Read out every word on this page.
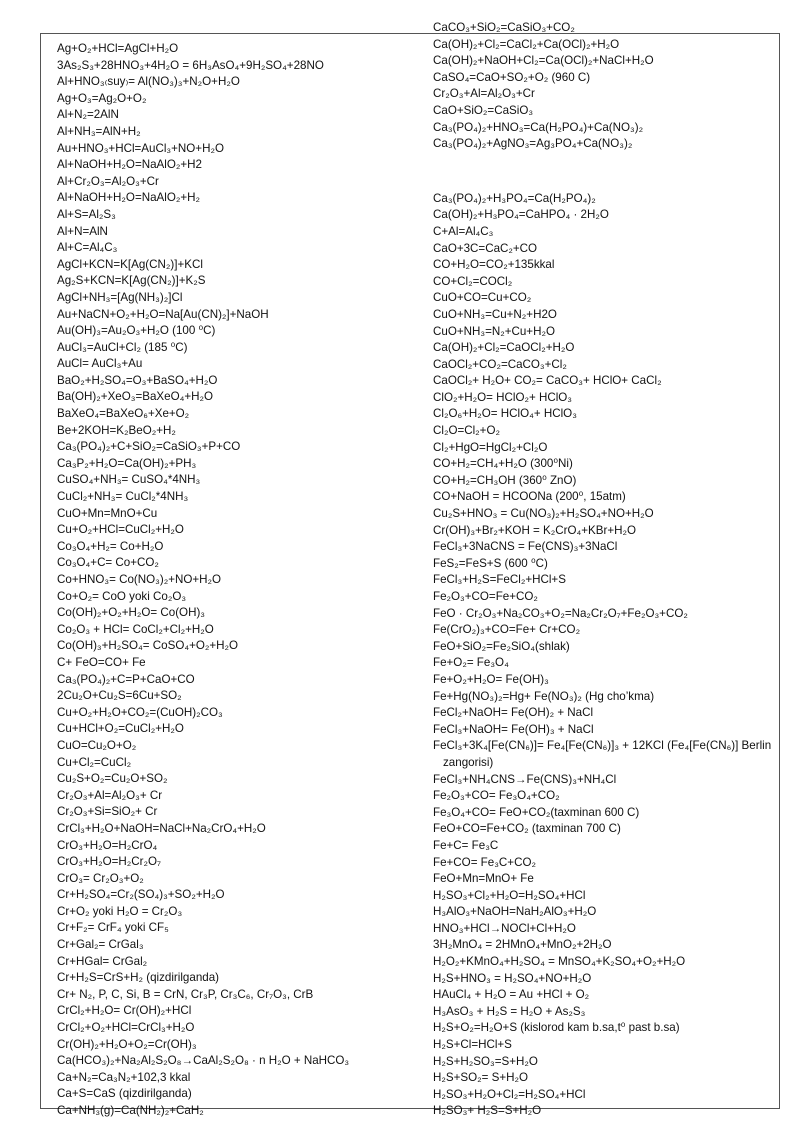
Ag+O₂+HCl=AgCl+H₂O
3As₂S₃+28HNO₃+4H₂O = 6H₃AsO₄+9H₂SO₄+28NO
Al+HNO₃₍suy₎= Al(NO₃)₃+N₂O+H₂O
Ag+O₃=Ag₂O+O₂
Al+N₂=2AlN
Al+NH₃=AlN+H₂
Au+HNO₃+HCl=AuCl₃+NO+H₂O
Al+NaOH+H₂O=NaAlO₂+H2
Al+Cr₂O₃=Al₂O₃+Cr
Al+NaOH+H₂O=NaAlO₂+H₂
Al+S=Al₂S₃
Al+N=AlN
Al+C=Al₄C₃
AgCl+KCN=K[Ag(CN₂)]+KCl
Ag₂S+KCN=K[Ag(CN₂)]+K₂S
AgCl+NH₃=[Ag(NH₃)₂]Cl
Au+NaCN+O₂+H₂O=Na[Au(CN)₂]+NaOH
Au(OH)₃=Au₂O₃+H₂O (100 ⁰C)
AuCl₃=AuCl+Cl₂ (185 ⁰C)
AuCl= AuCl₃+Au
BaO₂+H₂SO₄=O₃+BaSO₄+H₂O
Ba(OH)₂+XeO₃=BaXeO₄+H₂O
BaXeO₄=BaXeO₆+Xe+O₂
Be+2KOH=K₂BeO₂+H₂
Ca₃(PO₄)₂+C+SiO₂=CaSiO₃+P+CO
Ca₃P₂+H₂O=Ca(OH)₂+PH₃
CuSO₄+NH₃= CuSO₄*4NH₃
CuCl₂+NH₃= CuCl₂*4NH₃
CuO+Mn=MnO+Cu
Cu+O₂+HCl=CuCl₂+H₂O
Co₃O₄+H₂= Co+H₂O
Co₃O₄+C= Co+CO₂
Co+HNO₃= Co(NO₃)₂+NO+H₂O
Co+O₂= CoO yoki Co₂O₃
Co(OH)₂+O₂+H₂O= Co(OH)₃
Co₂O₃ + HCl= CoCl₂+Cl₂+H₂O
Co(OH)₃+H₂SO₄= CoSO₄+O₂+H₂O
C+ FeO=CO+ Fe
Ca₃(PO₄)₂+C=P+CaO+CO
2Cu₂O+Cu₂S=6Cu+SO₂
Cu+O₂+H₂O+CO₂=(CuOH)₂CO₃
Cu+HCl+O₂=CuCl₂+H₂O
CuO=Cu₂O+O₂
Cu+Cl₂=CuCl₂
Cu₂S+O₂=Cu₂O+SO₂
Cr₂O₃+Al=Al₂O₃+ Cr
Cr₂O₃+Si=SiO₂+ Cr
CrCl₃+H₂O+NaOH=NaCl+Na₂CrO₄+H₂O
CrO₃+H₂O=H₂CrO₄
CrO₃+H₂O=H₂Cr₂O₇
CrO₃= Cr₂O₃+O₂
Cr+H₂SO₄=Cr₂(SO₄)₃+SO₂+H₂O
Cr+O₂ yoki H₂O = Cr₂O₃
Cr+F₂= CrF₄ yoki CF₅
Cr+Gal₂= CrGal₃
Cr+HGal= CrGal₂
Cr+H₂S=CrS+H₂ (qizdirilganda)
Cr+ N₂, P, C, Si, B = CrN, Cr₃P, Cr₃C₆, Cr₇O₃, CrB
CrCl₂+H₂O= Cr(OH)₂+HCl
CrCl₂+O₂+HCl=CrCl₃+H₂O
Cr(OH)₂+H₂O+O₂=Cr(OH)₃
Ca(HCO₃)₂+Na₂Al₂S₂O₈→CaAl₂S₂O₈ · n H₂O + NaHCO₃
Ca+N₂=Ca₃N₂+102,3 kkal
Ca+S=CaS (qizdirilganda)
Ca+NH₃(g)=Ca(NH₂)₂+CaH₂
CaCO₃+SiO₂=CaSiO₃+CO₂
Ca(OH)₂+Cl₂=CaCl₂+Ca(OCl)₂+H₂O
Ca(OH)₂+NaOH+Cl₂=Ca(OCl)₂+NaCl+H₂O
CaSO₄=CaO+SO₂+O₂ (960 C)
Cr₂O₃+Al=Al₂O₃+Cr
CaO+SiO₂=CaSiO₃
Ca₃(PO₄)₂+HNO₃=Ca(H₂PO₄)+Ca(NO₃)₂
Ca₃(PO₄)₂+AgNO₃=Ag₃PO₄+Ca(NO₃)₂
Ca₃(PO₄)₂+H₃PO₄=Ca(H₂PO₄)₂
Ca(OH)₂+H₃PO₄=CaHPO₄ · 2H₂O
C+Al=Al₄C₃
CaO+3C=CaC₂+CO
CO+H₂O=CO₂+135kkal
CO+Cl₂=COCl₂
CuO+CO=Cu+CO₂
CuO+NH₃=Cu+N₂+H2O
CuO+NH₃=N₂+Cu+H₂O
Ca(OH)₂+Cl₂=CaOCl₂+H₂O
CaOCl₂+CO₂=CaCO₃+Cl₂
CaOCl₂+ H₂O+ CO₂= CaCO₃+ HClO+ CaCl₂
ClO₂+H₂O= HClO₂+ HClO₃
Cl₂O₆+H₂O= HClO₄+ HClO₃
Cl₂O=Cl₂+O₂
Cl₂+HgO=HgCl₂+Cl₂O
CO+H₂=CH₄+H₂O (300⁰Ni)
CO+H₂=CH₃OH (360⁰ ZnO)
CO+NaOH = HCOONa (200⁰, 15atm)
Cu₂S+HNO₃ = Cu(NO₃)₂+H₂SO₄+NO+H₂O
Cr(OH)₃+Br₂+KOH = K₂CrO₄+KBr+H₂O
FeCl₃+3NaCNS = Fe(CNS)₃+3NaCl
FeS₂=FeS+S (600 ⁰C)
FeCl₃+H₂S=FeCl₂+HCl+S
Fe₂O₃+CO=Fe+CO₂
FeO · Cr₂O₃+Na₂CO₃+O₂=Na₂Cr₂O₇+Fe₂O₃+CO₂
Fe(CrO₂)₃+CO=Fe+ Cr+CO₂
FeO+SiO₂=Fe₂SiO₄(shlak)
Fe+O₂= Fe₃O₄
Fe+O₂+H₂O= Fe(OH)₃
Fe+Hg(NO₃)₂=Hg+ Fe(NO₃)₂ (Hg cho’kma)
FeCl₂+NaOH= Fe(OH)₂ + NaCl
FeCl₃+NaOH= Fe(OH)₃ + NaCl
FeCl₃+3K₄[Fe(CN₆)]= Fe₄[Fe(CN₆)]₃ + 12KCl (Fe₄[Fe(CN₆)] Berlin
zangorisi)
FeCl₃+NH₄CNS→Fe(CNS)₃+NH₄Cl
Fe₂O₃+CO= Fe₃O₄+CO₂
Fe₃O₄+CO= FeO+CO₂(taxminan 600 C)
FeO+CO=Fe+CO₂ (taxminan 700 C)
Fe+C= Fe₃C
Fe+CO= Fe₃C+CO₂
FeO+Mn=MnO+ Fe
H₂SO₃+Cl₂+H₂O=H₂SO₄+HCl
H₃AlO₃+NaOH=NaH₂AlO₃+H₂O
HNO₃+HCl→NOCl+Cl+H₂O
3H₂MnO₄ = 2HMnO₄+MnO₂+2H₂O
H₂O₂+KMnO₄+H₂SO₄ = MnSO₄+K₂SO₄+O₂+H₂O
H₂S+HNO₃ = H₂SO₄+NO+H₂O
HAuCl₄ + H₂O = Au +HCl + O₂
H₃AsO₃ + H₂S = H₂O + As₂S₃
H₂S+O₂=H₂O+S (kislorod kam b.sa,t⁰ past b.sa)
H₂S+Cl=HCl+S
H₂S+H₂SO₃=S+H₂O
H₂S+SO₂= S+H₂O
H₂SO₃+H₂O+Cl₂=H₂SO₄+HCl
H₂SO₃+ H₂S=S+H₂O
